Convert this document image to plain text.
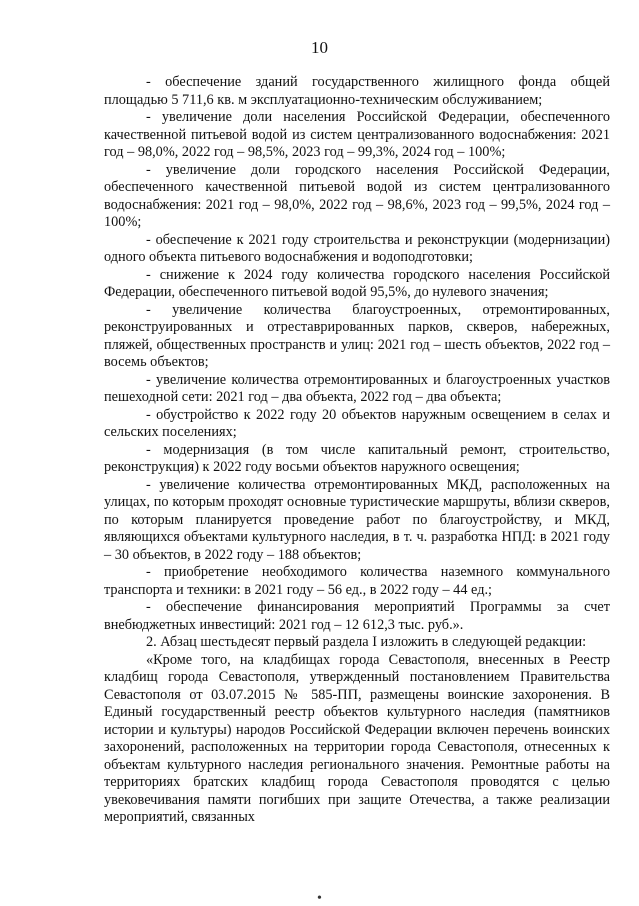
10

- обеспечение зданий государственного жилищного фонда общей площадью 5 711,6 кв. м эксплуатационно-техническим обслуживанием;

- увеличение доли населения Российской Федерации, обеспеченного качественной питьевой водой из систем централизованного водоснабжения: 2021 год – 98,0%, 2022 год – 98,5%, 2023 год – 99,3%, 2024 год – 100%;

- увеличение доли городского населения Российской Федерации, обеспеченного качественной питьевой водой из систем централизованного водоснабжения: 2021 год – 98,0%, 2022 год – 98,6%, 2023 год – 99,5%, 2024 год – 100%;

- обеспечение к 2021 году строительства и реконструкции (модернизации) одного объекта питьевого водоснабжения и водоподготовки;

- снижение к 2024 году количества городского населения Российской Федерации, обеспеченного питьевой водой 95,5%, до нулевого значения;

- увеличение количества благоустроенных, отремонтированных, реконструированных и отреставрированных парков, скверов, набережных, пляжей, общественных пространств и улиц: 2021 год – шесть объектов, 2022 год – восемь объектов;

- увеличение количества отремонтированных и благоустроенных участков пешеходной сети: 2021 год – два объекта, 2022 год – два объекта;

- обустройство к 2022 году 20 объектов наружным освещением в селах и сельских поселениях;

- модернизация (в том числе капитальный ремонт, строительство, реконструкция) к 2022 году восьми объектов наружного освещения;

- увеличение количества отремонтированных МКД, расположенных на улицах, по которым проходят основные туристические маршруты, вблизи скверов, по которым планируется проведение работ по благоустройству, и МКД, являющихся объектами культурного наследия, в т. ч. разработка НПД: в 2021 году – 30 объектов, в 2022 году – 188 объектов;

- приобретение необходимого количества наземного коммунального транспорта и техники: в 2021 году – 56 ед., в 2022 году – 44 ед.;

- обеспечение финансирования мероприятий Программы за счет внебюджетных инвестиций: 2021 год – 12 612,3 тыс. руб.».

2. Абзац шестьдесят первый раздела I изложить в следующей редакции:

«Кроме того, на кладбищах города Севастополя, внесенных в Реестр кладбищ города Севастополя, утвержденный постановлением Правительства Севастополя от 03.07.2015 № 585-ПП, размещены воинские захоронения. В Единый государственный реестр объектов культурного наследия (памятников истории и культуры) народов Российской Федерации включен перечень воинских захоронений, расположенных на территории города Севастополя, отнесенных к объектам культурного наследия регионального значения. Ремонтные работы на территориях братских кладбищ города Севастополя проводятся с целью увековечивания памяти погибших при защите Отечества, а также реализации мероприятий, связанных

•
